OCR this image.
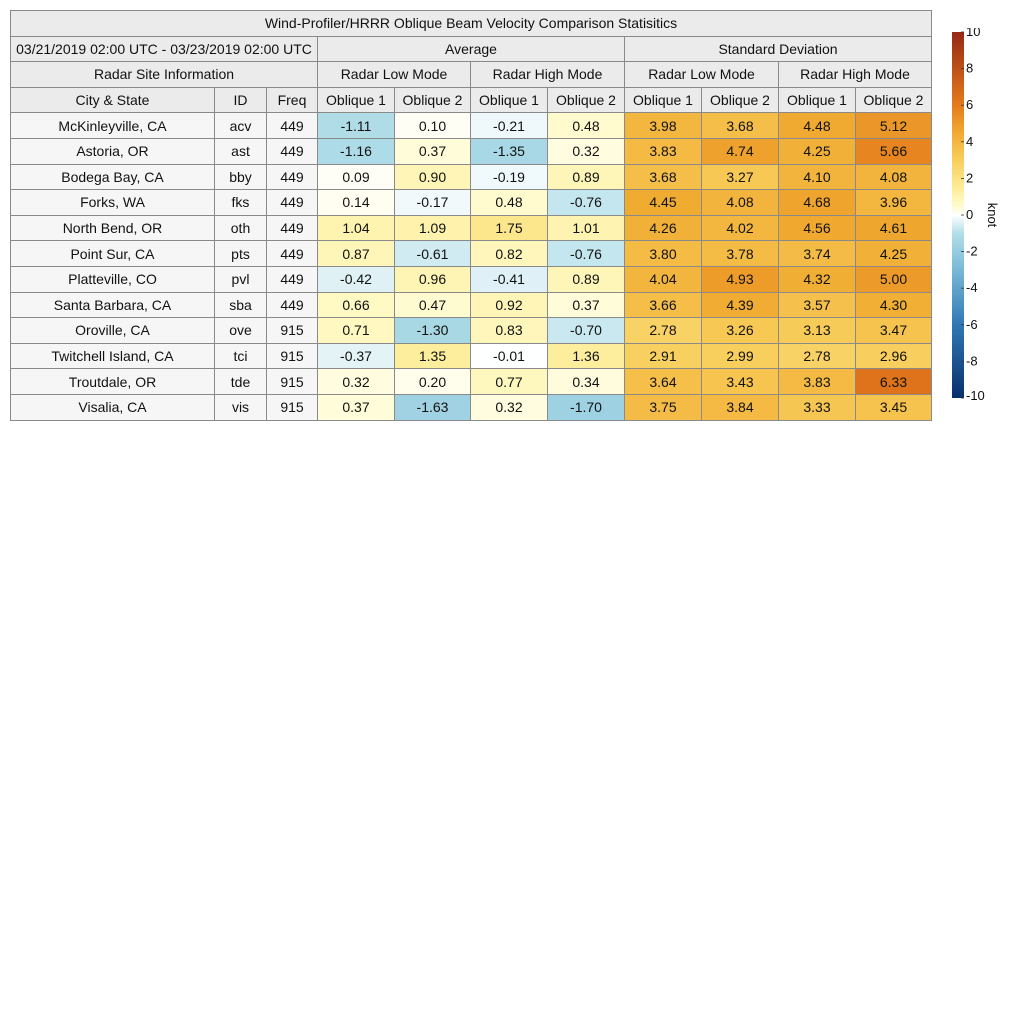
Wind-Profiler/HRRR Oblique Beam Velocity Comparison Statisitics										
03/21/2019 02:00 UTC - 03/23/2019 02:00 UTC			Average				Standard Deviation			
Radar Site Information			Radar Low Mode		Radar High Mode		Radar Low Mode		Radar High Mode	
City & State	ID	Freq	Oblique 1	Oblique 2	Oblique 1	Oblique 2	Oblique 1	Oblique 2	Oblique 1	Oblique 2
McKinleyville, CA	acv	449	-1.11	0.10	-0.21	0.48	3.98	3.68	4.48	5.12
Astoria, OR	ast	449	-1.16	0.37	-1.35	0.32	3.83	4.74	4.25	5.66
Bodega Bay, CA	bby	449	0.09	0.90	-0.19	0.89	3.68	3.27	4.10	4.08
Forks, WA	fks	449	0.14	-0.17	0.48	-0.76	4.45	4.08	4.68	3.96
North Bend, OR	oth	449	1.04	1.09	1.75	1.01	4.26	4.02	4.56	4.61
Point Sur, CA	pts	449	0.87	-0.61	0.82	-0.76	3.80	3.78	3.74	4.25
Platteville, CO	pvl	449	-0.42	0.96	-0.41	0.89	4.04	4.93	4.32	5.00
Santa Barbara, CA	sba	449	0.66	0.47	0.92	0.37	3.66	4.39	3.57	4.30
Oroville, CA	ove	915	0.71	-1.30	0.83	-0.70	2.78	3.26	3.13	3.47
Twitchell Island, CA	tci	915	-0.37	1.35	-0.01	1.36	2.91	2.99	2.78	2.96
Troutdale, OR	tde	915	0.32	0.20	0.77	0.34	3.64	3.43	3.83	6.33
Visalia, CA	vis	915	0.37	-1.63	0.32	-1.70	3.75	3.84	3.33	3.45
10
8
6
4
2
0
-2
-4
-6
-8
-10
knot
